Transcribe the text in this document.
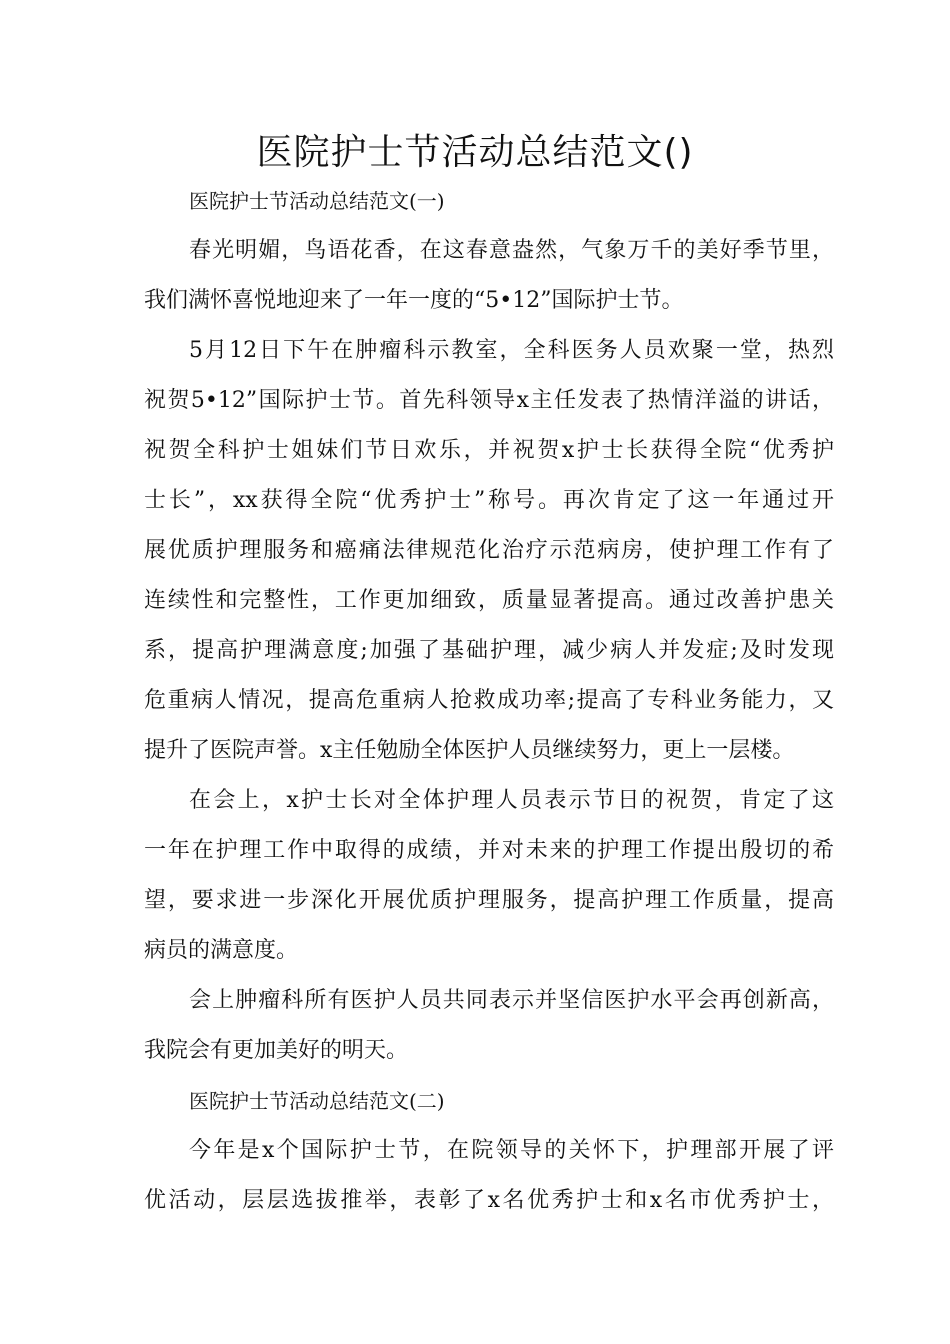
医院护士节活动总结范文()
医院护士节活动总结范文(一)
春光明媚，鸟语花香，在这春意盎然，气象万千的美好季节里，
我们满怀喜悦地迎来了一年一度的“5•12”国际护士节。
5月12日下午在肿瘤科示教室，全科医务人员欢聚一堂，热烈
祝贺5•12”国际护士节。首先科领导x主任发表了热情洋溢的讲话，
祝贺全科护士姐妹们节日欢乐，并祝贺x护士长获得全院“优秀护
士长”，xx获得全院“优秀护士”称号。再次肯定了这一年通过开
展优质护理服务和癌痛法律规范化治疗示范病房，使护理工作有了
连续性和完整性，工作更加细致，质量显著提高。通过改善护患关
系，提高护理满意度;加强了基础护理，减少病人并发症;及时发现
危重病人情况，提高危重病人抢救成功率;提高了专科业务能力，又
提升了医院声誉。x主任勉励全体医护人员继续努力，更上一层楼。
在会上，x护士长对全体护理人员表示节日的祝贺，肯定了这
一年在护理工作中取得的成绩，并对未来的护理工作提出殷切的希
望，要求进一步深化开展优质护理服务，提高护理工作质量，提高
病员的满意度。
会上肿瘤科所有医护人员共同表示并坚信医护水平会再创新高，
我院会有更加美好的明天。
医院护士节活动总结范文(二)
今年是x个国际护士节，在院领导的关怀下，护理部开展了评
优活动，层层选拔推举，表彰了x名优秀护士和x名市优秀护士，
